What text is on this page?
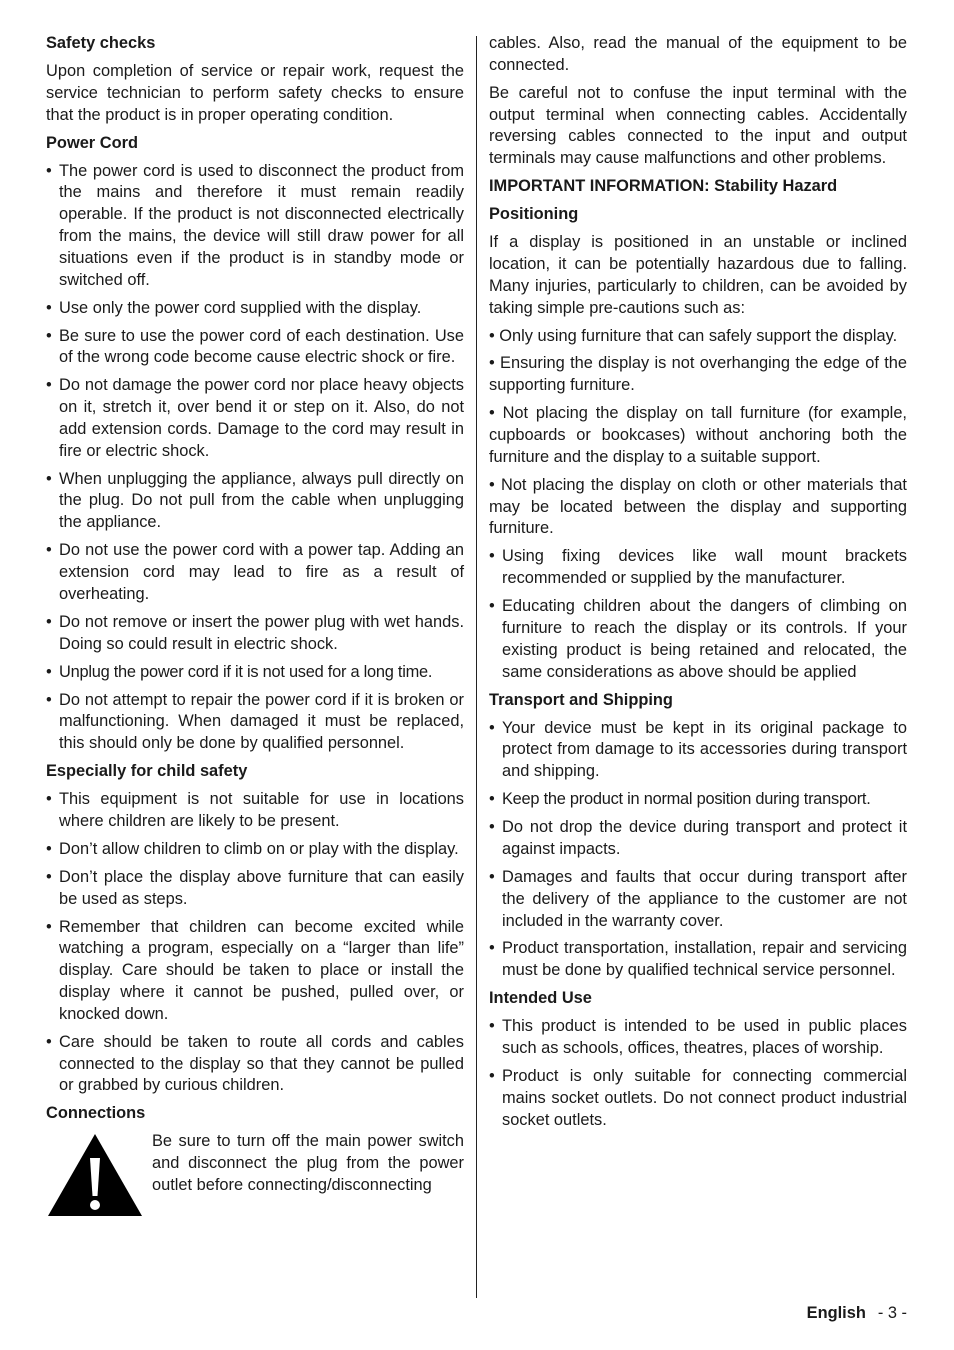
Safety checks

Upon completion of service or repair work, request the service technician to perform safety checks to ensure that the product is in proper operating condition.

Power Cord
• The power cord is used to disconnect the product from the mains and therefore it must remain readily operable. If the product is not disconnected electrically from the mains, the device will still draw power for all situations even if the product is in standby mode or switched off.
• Use only the power cord supplied with the display.
• Be sure to use the power cord of each destination. Use of the wrong code become cause electric shock or fire.
• Do not damage the power cord nor place heavy objects on it, stretch it, over bend it or step on it. Also, do not add extension cords. Damage to the cord may result in fire or electric shock.
• When unplugging the appliance, always pull directly on the plug. Do not pull from the cable when unplugging the appliance.
• Do not use the power cord with a power tap. Adding an extension cord may lead to fire as a result of overheating.
• Do not remove or insert the power plug with wet hands. Doing so could result in electric shock.
• Unplug the power cord if it is not used for a long time.
• Do not attempt to repair the power cord if it is broken or malfunctioning. When damaged it must be replaced, this should only be done by qualified personnel.
Especially for child safety
• This equipment is not suitable for use in locations where children are likely to be present.
• Don’t allow children to climb on or play with the display.
• Don’t place the display above furniture that can easily be used as steps.
• Remember that children can become excited while watching a program, especially on a “larger than life” display. Care should be taken to place or install the display where it cannot be pushed, pulled over, or knocked down.
• Care should be taken to route all cords and cables connected to the display so that they cannot be pulled or grabbed by curious children.
Connections
Be sure to turn off the main power switch and disconnect the plug from the power outlet before connecting/disconnecting

cables. Also, read the manual of the equipment to be connected.

Be careful not to confuse the input terminal with the output terminal when connecting cables. Accidentally reversing cables connected to the input and output terminals may cause malfunctions and other problems.

IMPORTANT INFORMATION: Stability Hazard
Positioning

If a display is positioned in an unstable or inclined location, it can be potentially hazardous due to falling. Many injuries, particularly to children, can be avoided by taking simple pre-cautions such as:

• Only using furniture that can safely support the display.

• Ensuring the display is not overhanging the edge of the supporting furniture.

• Not placing the display on tall furniture (for example, cupboards or bookcases) without anchoring both the furniture and the display to a suitable support.

• Not placing the display on cloth or other materials that may be located between the display and supporting furniture.

• Using fixing devices like wall mount brackets recommended or supplied by the manufacturer.
• Educating children about the dangers of climbing on furniture to reach the display or its controls. If your existing product is being retained and relocated, the same considerations as above should be applied
Transport and Shipping
• Your device must be kept in its original package to protect from damage to its accessories during transport and shipping.
• Keep the product in normal position during transport.
• Do not drop the device during transport and protect it against impacts.
• Damages and faults that occur during transport after the delivery of the appliance to the customer are not included in the warranty cover.
• Product transportation, installation, repair and servicing must be done by qualified technical service personnel.
Intended Use
• This product is intended to be used in public places such as schools, offices, theatres, places of worship.
• Product is only suitable for connecting commercial mains socket outlets. Do not connect product industrial socket outlets.
English - 3 -
